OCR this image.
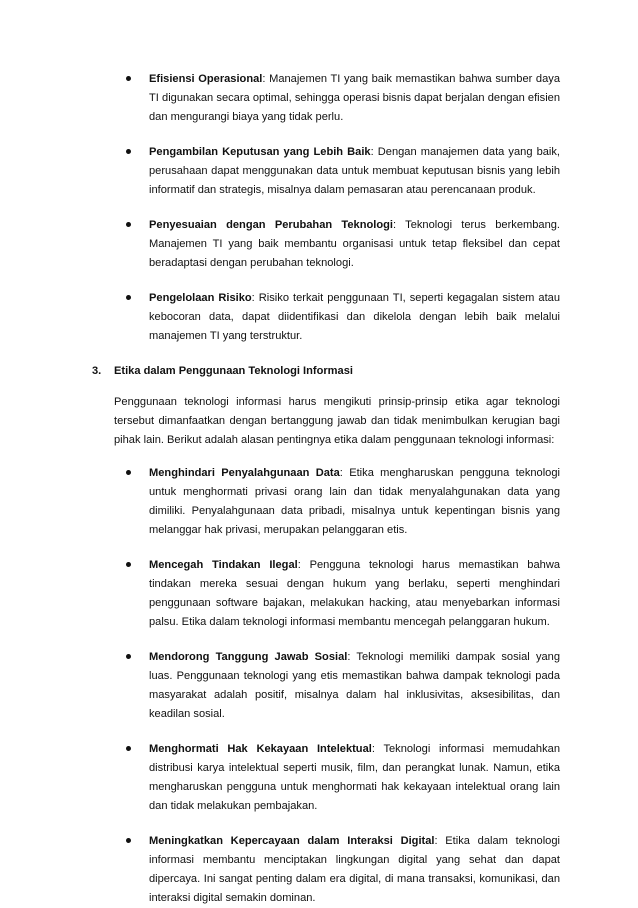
Efisiensi Operasional: Manajemen TI yang baik memastikan bahwa sumber daya TI digunakan secara optimal, sehingga operasi bisnis dapat berjalan dengan efisien dan mengurangi biaya yang tidak perlu.
Pengambilan Keputusan yang Lebih Baik: Dengan manajemen data yang baik, perusahaan dapat menggunakan data untuk membuat keputusan bisnis yang lebih informatif dan strategis, misalnya dalam pemasaran atau perencanaan produk.
Penyesuaian dengan Perubahan Teknologi: Teknologi terus berkembang. Manajemen TI yang baik membantu organisasi untuk tetap fleksibel dan cepat beradaptasi dengan perubahan teknologi.
Pengelolaan Risiko: Risiko terkait penggunaan TI, seperti kegagalan sistem atau kebocoran data, dapat diidentifikasi dan dikelola dengan lebih baik melalui manajemen TI yang terstruktur.
3. Etika dalam Penggunaan Teknologi Informasi
Penggunaan teknologi informasi harus mengikuti prinsip-prinsip etika agar teknologi tersebut dimanfaatkan dengan bertanggung jawab dan tidak menimbulkan kerugian bagi pihak lain. Berikut adalah alasan pentingnya etika dalam penggunaan teknologi informasi:
Menghindari Penyalahgunaan Data: Etika mengharuskan pengguna teknologi untuk menghormati privasi orang lain dan tidak menyalahgunakan data yang dimiliki. Penyalahgunaan data pribadi, misalnya untuk kepentingan bisnis yang melanggar hak privasi, merupakan pelanggaran etis.
Mencegah Tindakan Ilegal: Pengguna teknologi harus memastikan bahwa tindakan mereka sesuai dengan hukum yang berlaku, seperti menghindari penggunaan software bajakan, melakukan hacking, atau menyebarkan informasi palsu. Etika dalam teknologi informasi membantu mencegah pelanggaran hukum.
Mendorong Tanggung Jawab Sosial: Teknologi memiliki dampak sosial yang luas. Penggunaan teknologi yang etis memastikan bahwa dampak teknologi pada masyarakat adalah positif, misalnya dalam hal inklusivitas, aksesibilitas, dan keadilan sosial.
Menghormati Hak Kekayaan Intelektual: Teknologi informasi memudahkan distribusi karya intelektual seperti musik, film, dan perangkat lunak. Namun, etika mengharuskan pengguna untuk menghormati hak kekayaan intelektual orang lain dan tidak melakukan pembajakan.
Meningkatkan Kepercayaan dalam Interaksi Digital: Etika dalam teknologi informasi membantu menciptakan lingkungan digital yang sehat dan dapat dipercaya. Ini sangat penting dalam era digital, di mana transaksi, komunikasi, dan interaksi digital semakin dominan.
